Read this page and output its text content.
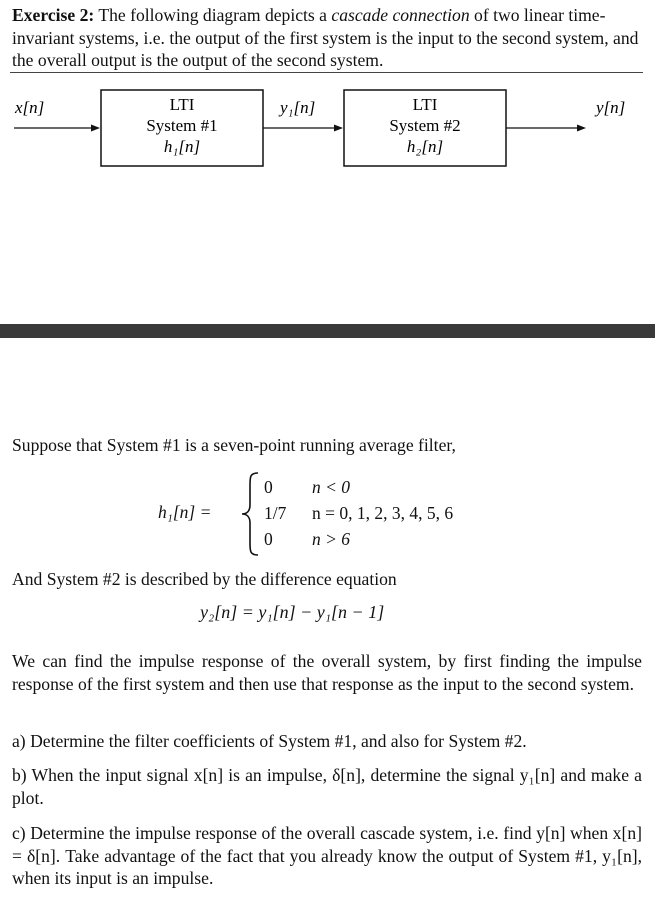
Exercise 2: The following diagram depicts a cascade connection of two linear time-invariant systems, i.e. the output of the first system is the input to the second system, and the overall output is the output of the second system.
x[n]	y₁[n]	y[n]
LTI
System #1
h₁[n]
LTI
System #2
h₂[n]
Suppose that System #1 is a seven-point running average filter,
h₁[n] =
0 n < 0
1/7 n = 0, 1, 2, 3, 4, 5, 6
0 n > 6
And System #2 is described by the difference equation
y₂[n] = y₁[n] − y₁[n − 1]
We can find the impulse response of the overall system, by first finding the impulse response of the first system and then use that response as the input to the second system.
a) Determine the filter coefficients of System #1, and also for System #2.
b) When the input signal x[n] is an impulse, δ[n], determine the signal y₁[n] and make a plot.
c) Determine the impulse response of the overall cascade system, i.e. find y[n] when x[n] = δ[n]. Take advantage of the fact that you already know the output of System #1, y₁[n], when its input is an impulse.
